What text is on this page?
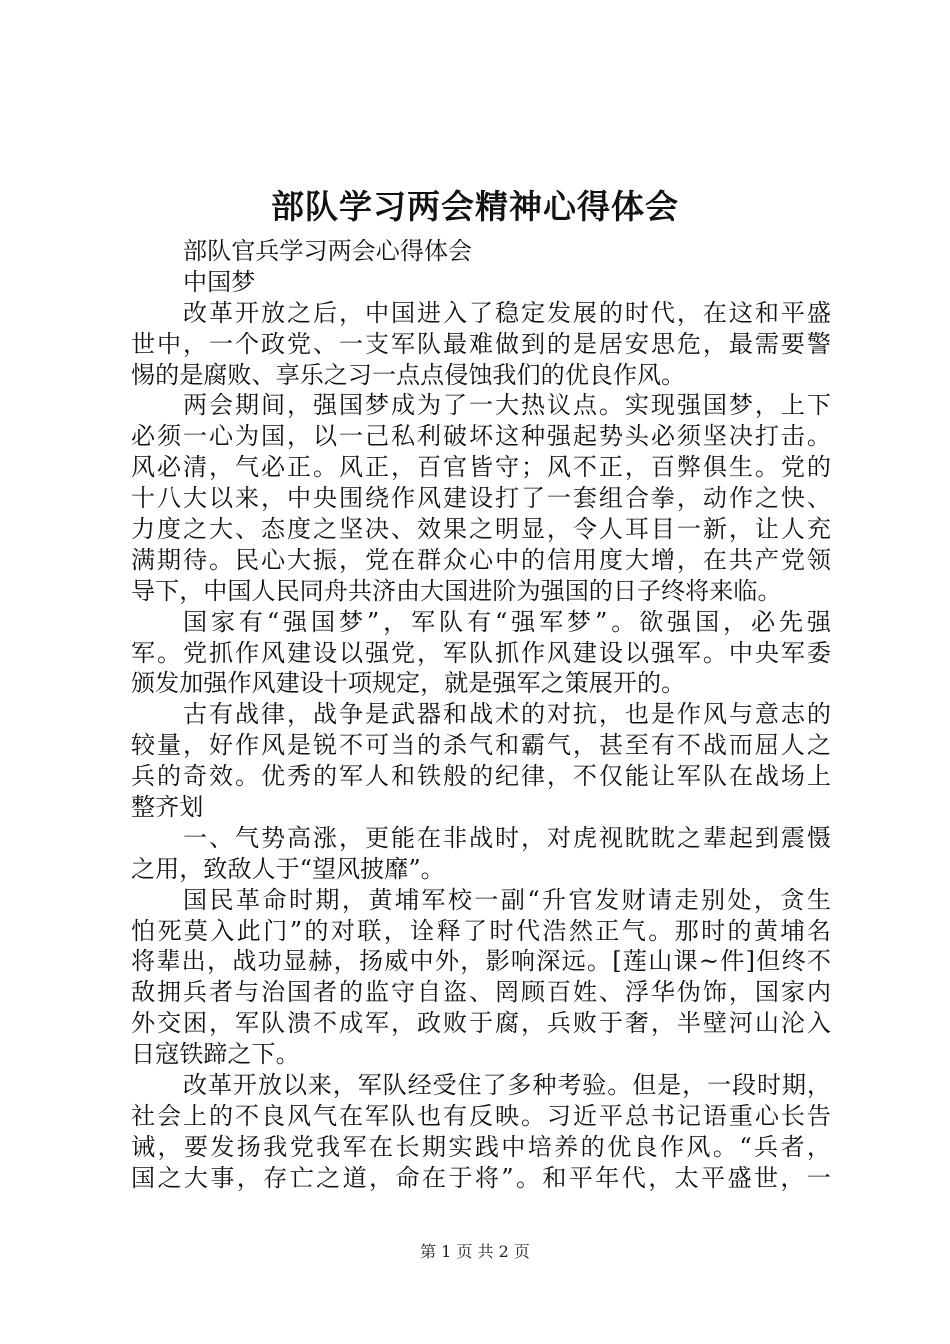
部队学习两会精神心得体会
部队官兵学习两会心得体会
中国梦
改革开放之后，中国进入了稳定发展的时代，在这和平盛
世中，一个政党、一支军队最难做到的是居安思危，最需要警
惕的是腐败、享乐之习一点点侵蚀我们的优良作风。
两会期间，强国梦成为了一大热议点。实现强国梦，上下
必须一心为国，以一己私利破坏这种强起势头必须坚决打击。
风必清，气必正。风正，百官皆守；风不正，百弊俱生。党的
十八大以来，中央围绕作风建设打了一套组合拳，动作之快、
力度之大、态度之坚决、效果之明显，令人耳目一新，让人充
满期待。民心大振，党在群众心中的信用度大增，在共产党领
导下，中国人民同舟共济由大国进阶为强国的日子终将来临。
国家有“强国梦”，军队有“强军梦”。欲强国，必先强
军。党抓作风建设以强党，军队抓作风建设以强军。中央军委
颁发加强作风建设十项规定，就是强军之策展开的。
古有战律，战争是武器和战术的对抗，也是作风与意志的
较量，好作风是锐不可当的杀气和霸气，甚至有不战而屈人之
兵的奇效。优秀的军人和铁般的纪律，不仅能让军队在战场上
整齐划
一、气势高涨，更能在非战时，对虎视眈眈之辈起到震慑
之用，致敌人于“望风披靡”。
国民革命时期，黄埔军校一副“升官发财请走别处，贪生
怕死莫入此门”的对联，诠释了时代浩然正气。那时的黄埔名
将辈出，战功显赫，扬威中外，影响深远。[莲山课~件]但终不
敌拥兵者与治国者的监守自盗、罔顾百姓、浮华伪饰，国家内
外交困，军队溃不成军，政败于腐，兵败于奢，半壁河山沦入
日寇铁蹄之下。
改革开放以来，军队经受住了多种考验。但是，一段时期，
社会上的不良风气在军队也有反映。习近平总书记语重心长告
诫，要发扬我党我军在长期实践中培养的优良作风。“兵者，
国之大事，存亡之道，命在于将”。和平年代，太平盛世，一
第 1 页 共 2 页
